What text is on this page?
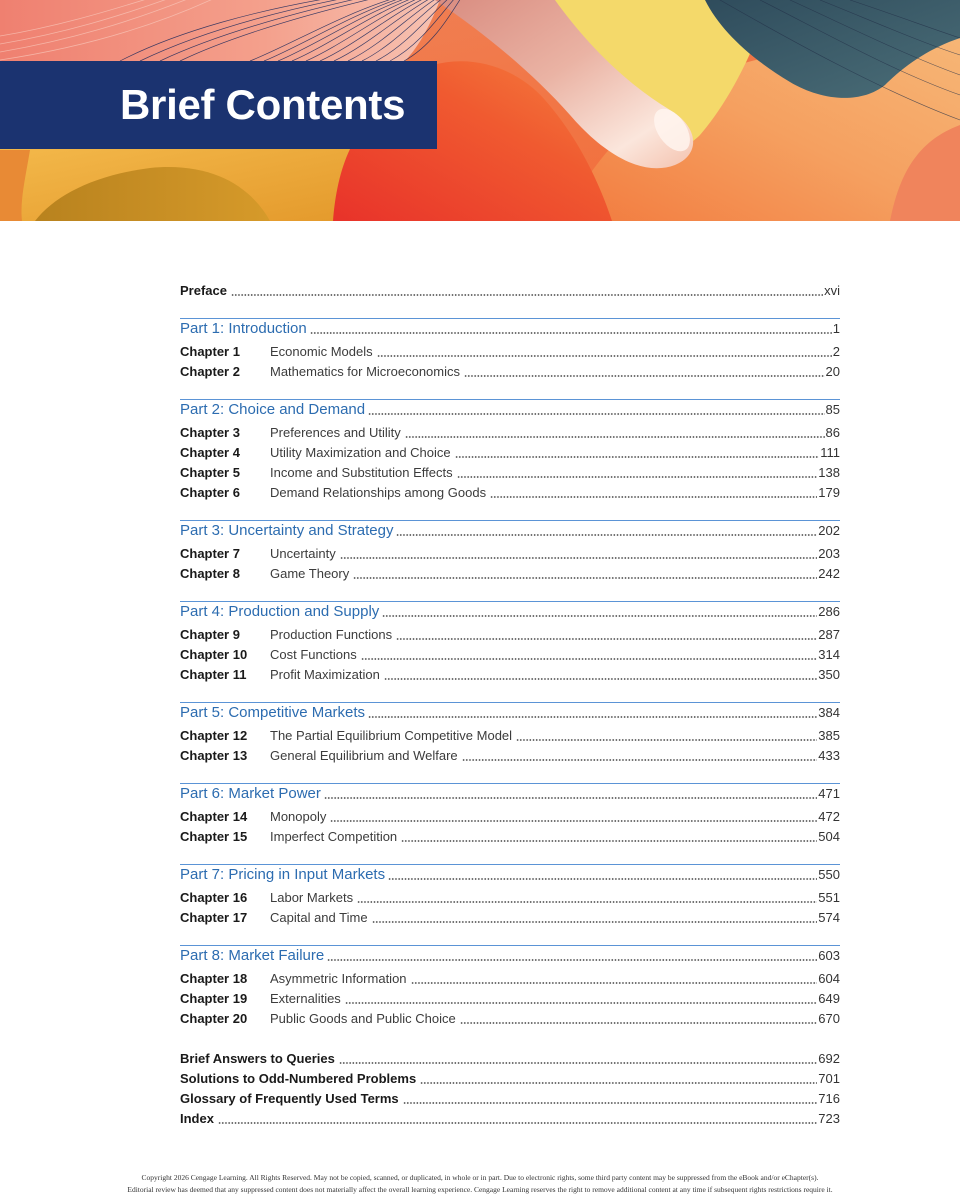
Brief Contents
Preface	xvi
Part 1: Introduction	1
Chapter 1	Economic Models	2
Chapter 2	Mathematics for Microeconomics	20
Part 2: Choice and Demand	85
Chapter 3	Preferences and Utility	86
Chapter 4	Utility Maximization and Choice	111
Chapter 5	Income and Substitution Effects	138
Chapter 6	Demand Relationships among Goods	179
Part 3: Uncertainty and Strategy	202
Chapter 7	Uncertainty	203
Chapter 8	Game Theory	242
Part 4: Production and Supply	286
Chapter 9	Production Functions	287
Chapter 10	Cost Functions	314
Chapter 11	Profit Maximization	350
Part 5: Competitive Markets	384
Chapter 12	The Partial Equilibrium Competitive Model	385
Chapter 13	General Equilibrium and Welfare	433
Part 6: Market Power	471
Chapter 14	Monopoly	472
Chapter 15	Imperfect Competition	504
Part 7: Pricing in Input Markets	550
Chapter 16	Labor Markets	551
Chapter 17	Capital and Time	574
Part 8: Market Failure	603
Chapter 18	Asymmetric Information	604
Chapter 19	Externalities	649
Chapter 20	Public Goods and Public Choice	670
Brief Answers to Queries	692
Solutions to Odd-Numbered Problems	701
Glossary of Frequently Used Terms	716
Index	723
Copyright 2026 Cengage Learning. All Rights Reserved. May not be copied, scanned, or duplicated, in whole or in part. Due to electronic rights, some third party content may be suppressed from the eBook and/or eChapter(s).
Editorial review has deemed that any suppressed content does not materially affect the overall learning experience. Cengage Learning reserves the right to remove additional content at any time if subsequent rights restrictions require it.
